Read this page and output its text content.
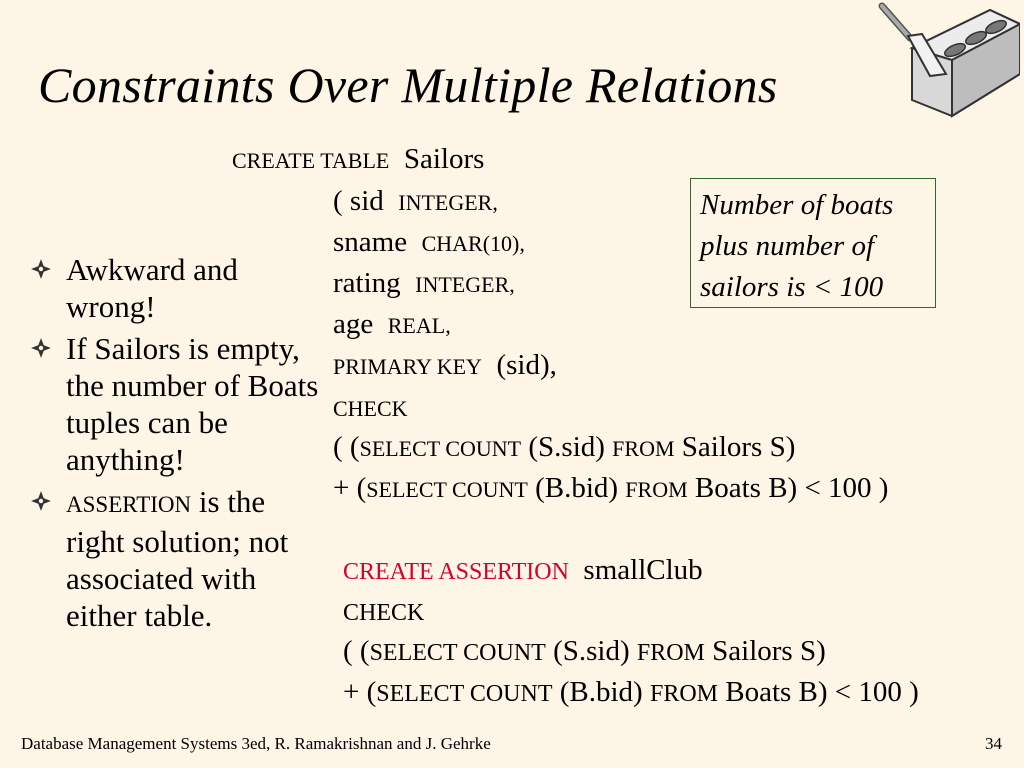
Constraints Over Multiple Relations
Awkward and wrong!
If Sailors is empty, the number of Boats tuples can be anything!
ASSERTION is the right solution; not associated with either table.
CREATE TABLE Sailors
( sid INTEGER,
sname CHAR(10),
rating INTEGER,
age REAL,
PRIMARY KEY (sid),
CHECK
( (SELECT COUNT (S.sid) FROM Sailors S)
+ (SELECT COUNT (B.bid) FROM Boats B) < 100 )
Number of boats
plus number of
sailors is < 100
CREATE ASSERTION smallClub
CHECK
( (SELECT COUNT (S.sid) FROM Sailors S)
+ (SELECT COUNT (B.bid) FROM Boats B) < 100 )
Database Management Systems 3ed, R. Ramakrishnan and J. Gehrke	34
